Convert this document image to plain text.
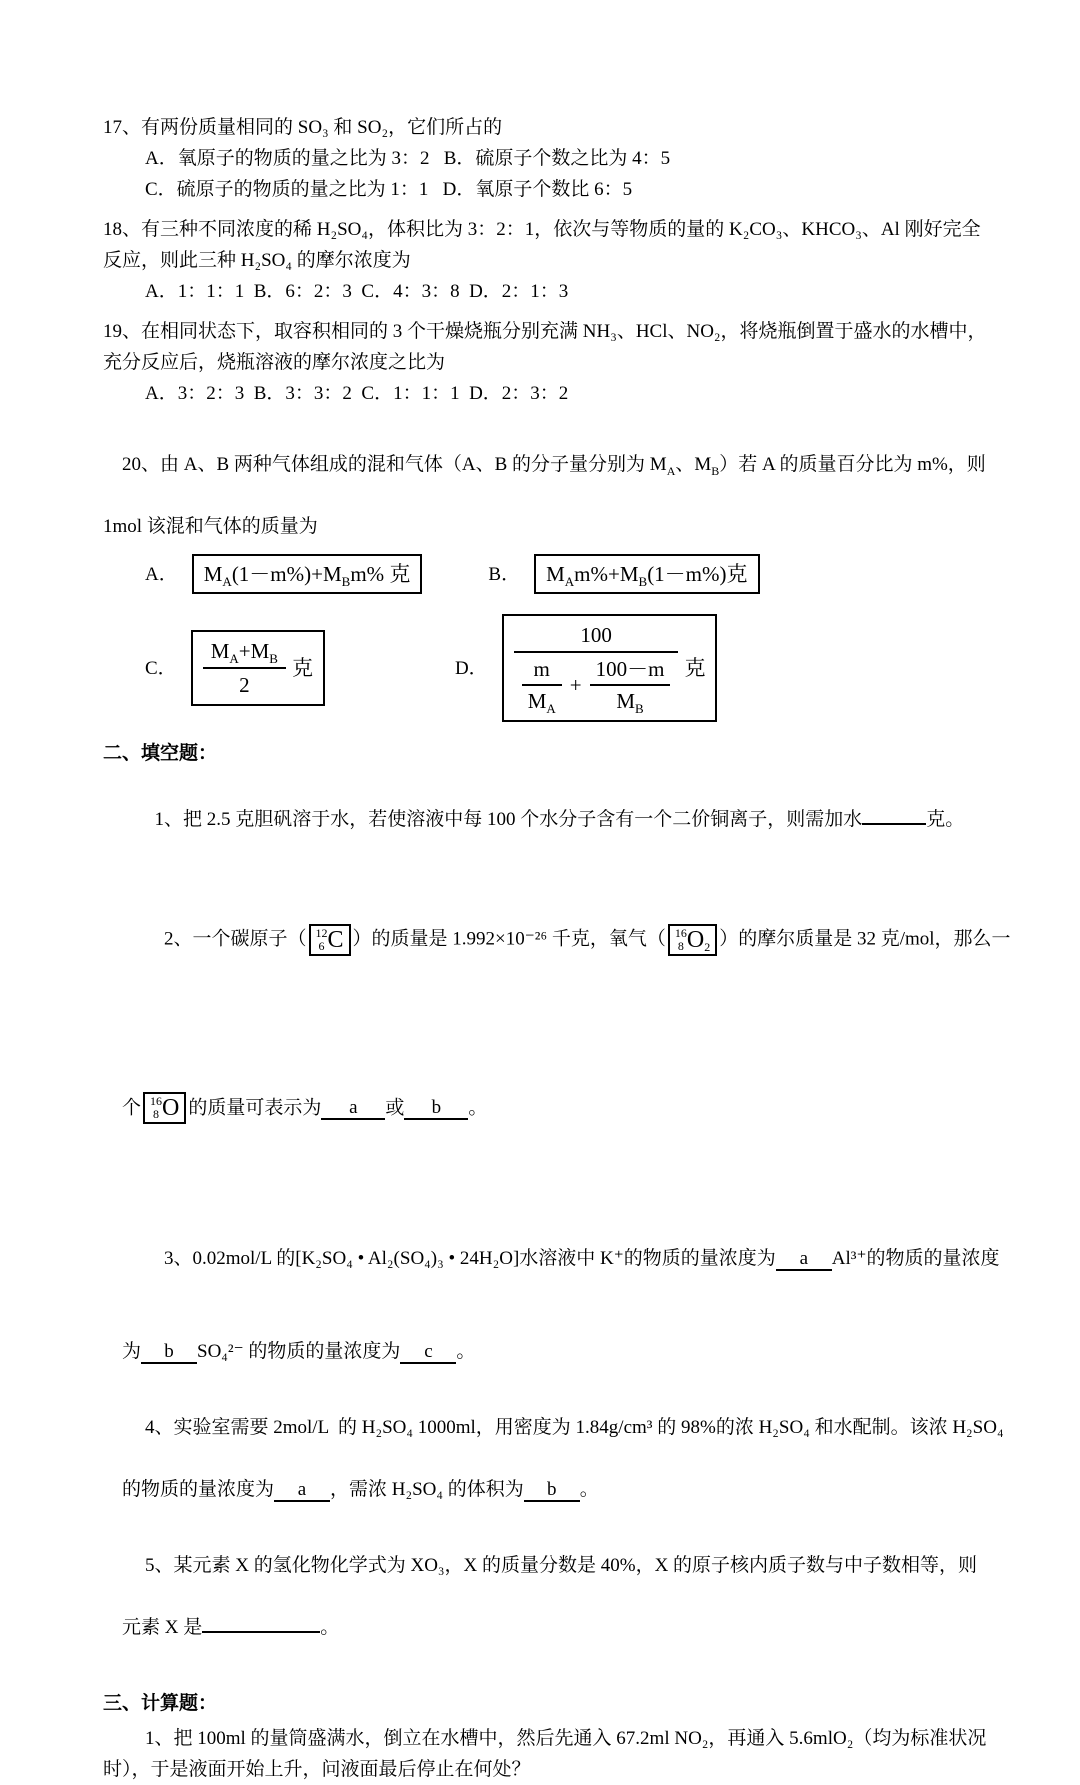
17、有两份质量相同的 SO₃ 和 SO₂，它们所占的
A．氧原子的物质的量之比为 3：2   B．硫原子个数之比为 4：5
C．硫原子的物质的量之比为 1：1   D．氧原子个数比 6：5
18、有三种不同浓度的稀 H₂SO₄，体积比为 3：2：1，依次与等物质的量的 K₂CO₃、KHCO₃、Al 刚好完全
反应，则此三种 H₂SO₄ 的摩尔浓度为
A．1：1：1  B．6：2：3  C．4：3：8  D．2：1：3
19、在相同状态下，取容积相同的 3 个干燥烧瓶分别充满 NH₃、HCl、NO₂，将烧瓶倒置于盛水的水槽中，
充分反应后，烧瓶溶液的摩尔浓度之比为
A．3：2：3  B．3：3：2  C．1：1：1  D．2：3：2

20、由 A、B 两种气体组成的混和气体（A、B 的分子量分别为 $M_A$、$M_B$）若 A 的质量百分比为 m%，则

1mol 该混和气体的质量为
A． $M_A(1-m\%)+M_Bm\%$ 克	B． $M_Am\%+M_B(1-m\%)$克
C． $\frac{M_A+M_B}{2}$ 克	D．
100
$\frac{m}{M_A} + \frac{100-m}{M_B}$ 克
二、填空题：

1、把 2.5 克胆矾溶于水，若使溶液中每 100 个水分子含有一个二价铜离子，则需加水	克。

2、一个碳原子（ 12
6 C ）的质量是 1.992×10⁻²⁶ 千克，氧气（ 16
8 O 2 ）的摩尔质量是 32 克/mol，那么一

个 16
8 O 的质量可表示为 a 或 b 。

3、0.02mol/L 的[K₂SO₄ • Al₂(SO₄)₃ • 24H₂O]水溶液中 K⁺的物质的量浓度为 a Al³⁺的物质的量浓度

为 b SO₄²⁻ 的物质的量浓度为 c 。

4、实验室需要 2mol/L  的 H₂SO₄ 1000ml，用密度为 1.84g/cm³ 的 98%的浓 H₂SO₄ 和水配制。该浓 H₂SO₄

的物质的量浓度为 a ，需浓 H₂SO₄ 的体积为 b 。

5、某元素 X 的氢化物化学式为 XO₃，X 的质量分数是 40%，X 的原子核内质子数与中子数相等，则

元素 X 是	。

三、计算题：
1、把 100ml 的量筒盛满水，倒立在水槽中，然后先通入 67.2ml NO₂，再通入 5.6mlO₂（均为标准状况
时），于是液面开始上升，问液面最后停止在何处？
